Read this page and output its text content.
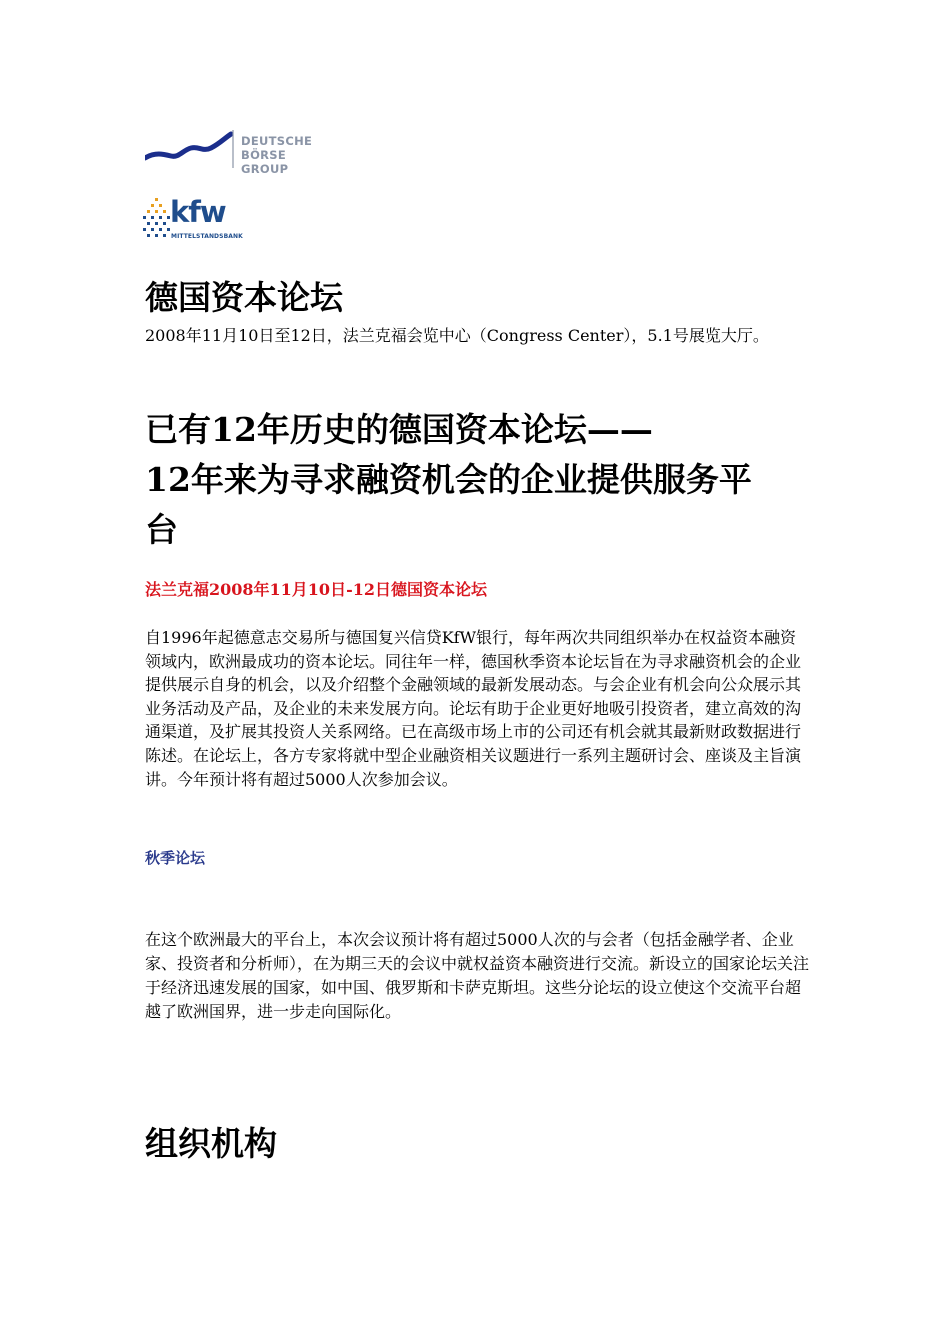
DEUTSCHE BÖRSE
GROUP
kfw
MITTELSTANDSBANK
德国资本论坛

2008年11月10日至12日，法兰克福会览中心（Congress Center），5.1号展览大厅。

已有12年历史的德国资本论坛——
12年来为寻求融资机会的企业提供服务平
台

法兰克福2008年11月10日-12日德国资本论坛

自1996年起德意志交易所与德国复兴信贷KfW银行，每年两次共同组织举办在权益资本融资领域内，欧洲最成功的资本论坛。同往年一样，德国秋季资本论坛旨在为寻求融资机会的企业提供展示自身的机会，以及介绍整个金融领域的最新发展动态。与会企业有机会向公众展示其业务活动及产品，及企业的未来发展方向。论坛有助于企业更好地吸引投资者，建立高效的沟通渠道，及扩展其投资人关系网络。已在高级市场上市的公司还有机会就其最新财政数据进行陈述。在论坛上，各方专家将就中型企业融资相关议题进行一系列主题研讨会、座谈及主旨演讲。今年预计将有超过5000人次参加会议。

秋季论坛

在这个欧洲最大的平台上，本次会议预计将有超过5000人次的与会者（包括金融学者、企业家、投资者和分析师），在为期三天的会议中就权益资本融资进行交流。新设立的国家论坛关注于经济迅速发展的国家，如中国、俄罗斯和卡萨克斯坦。这些分论坛的设立使这个交流平台超越了欧洲国界，进一步走向国际化。

组织机构
